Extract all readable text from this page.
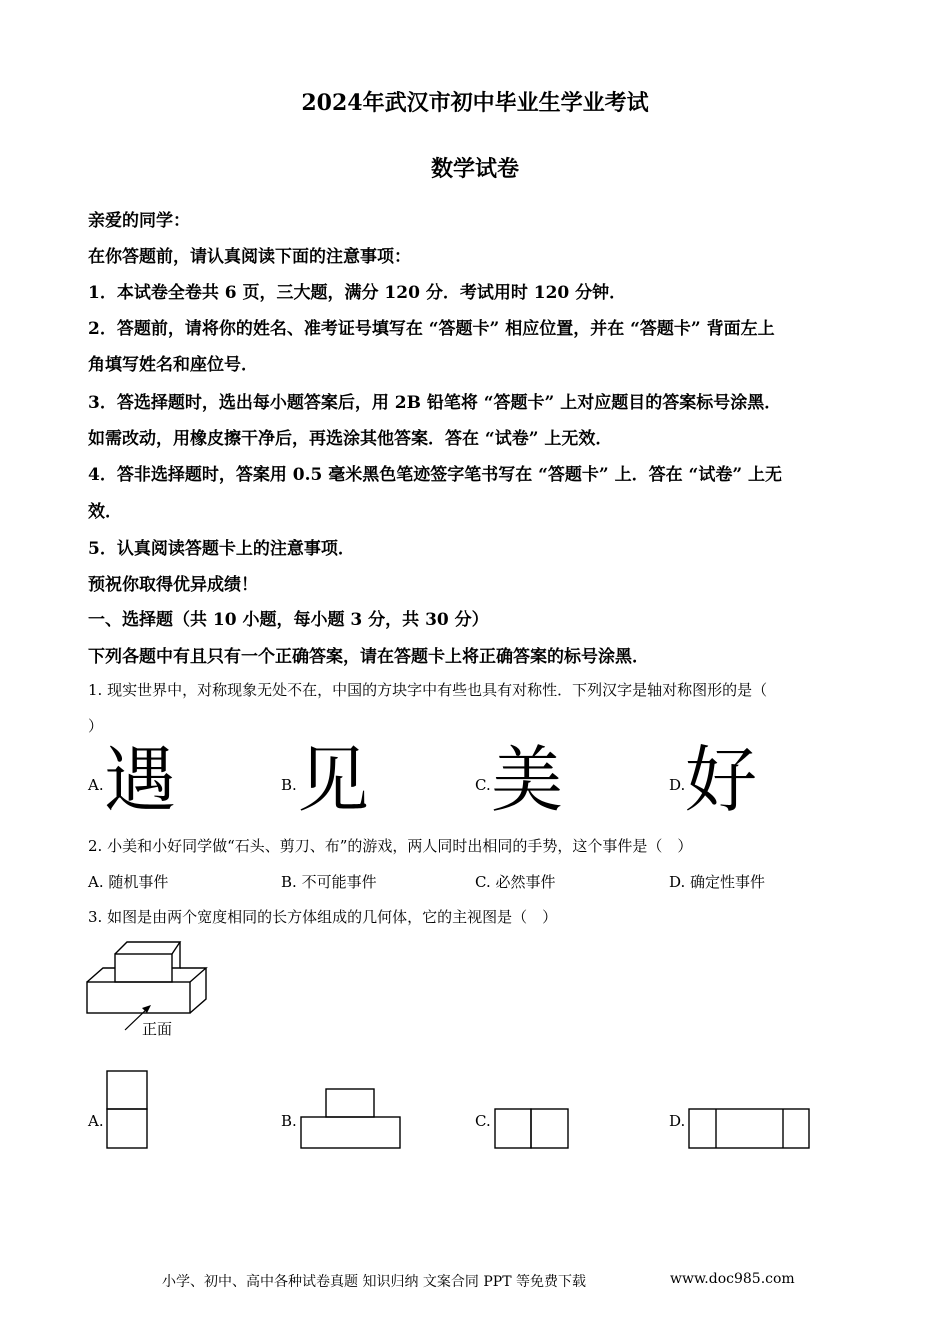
2024年武汉市初中毕业生学业考试
数学试卷
亲爱的同学：
在你答题前，请认真阅读下面的注意事项：
1．本试卷全卷共 6 页，三大题，满分 120 分．考试用时 120 分钟．
2．答题前，请将你的姓名、准考证号填写在 “答题卡” 相应位置，并在 “答题卡” 背面左上
角填写姓名和座位号．
3．答选择题时，选出每小题答案后，用 2B 铅笔将 “答题卡” 上对应题目的答案标号涂黑．
如需改动，用橡皮擦干净后，再选涂其他答案．答在 “试卷” 上无效．
4．答非选择题时，答案用 0.5 毫米黑色笔迹签字笔书写在 “答题卡” 上．答在 “试卷” 上无
效．
5．认真阅读答题卡上的注意事项．
预祝你取得优异成绩！
一、选择题（共 10 小题，每小题 3 分，共 30 分）
下列各题中有且只有一个正确答案，请在答题卡上将正确答案的标号涂黑．
1. 现实世界中，对称现象无处不在，中国的方块字中有些也具有对称性．下列汉字是轴对称图形的是（
）
A. 遇	B. 见	C. 美	D. 好
2. 小美和小好同学做“石头、剪刀、布”的游戏，两人同时出相同的手势，这个事件是（　）
A. 随机事件	B. 不可能事件	C. 必然事件	D. 确定性事件
3. 如图是由两个宽度相同的长方体组成的几何体，它的主视图是（　）
正面
A.	B.	C.	D.
小学、初中、高中各种试卷真题 知识归纳 文案合同 PPT 等免费下载	www.doc985.com
